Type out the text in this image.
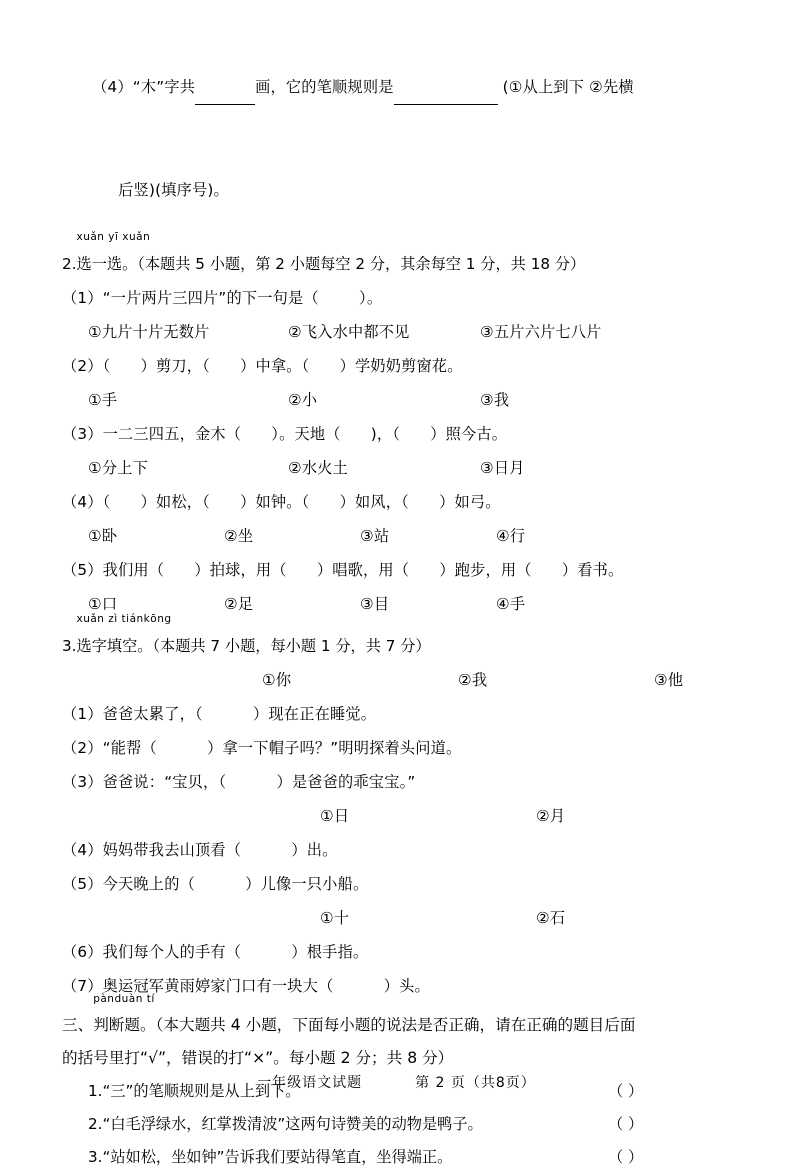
（4）“木”字共	画，它的笔顺规则是	(①从上到下 ②先横

后竖)(填序号)。

2.
xuǎn yī xuǎn
选一选。（本题共 5 小题，第 2 小题每空 2 分，其余每空 1 分，共 18 分）
（1）“一片两片三四片”的下一句是（        ）。
①九片十片无数片	②飞入水中都不见	③五片六片七八片
（2）（      ）剪刀，（      ）中拿。（      ）学奶奶剪窗花。
①手	②小	③我
（3）一二三四五，金木（      ）。天地（      )，（      ）照今古。
①分上下	②水火土	③日月
（4）（      ）如松，（      ）如钟。（      ）如风，（      ）如弓。
①卧	②坐	③站	④行
（5）我们用（      ）拍球，用（      ）唱歌，用（      ）跑步，用（      ）看书。
①口	②足	③目	④手
3.
xuǎn zì tiánkōng
选字填空。（本题共 7 小题，每小题 1 分，共 7 分）
①你	②我	③他
（1）爸爸太累了，（          ）现在正在睡觉。
（2）“能帮（          ）拿一下帽子吗？”明明探着头问道。
（3）爸爸说：“宝贝，（          ）是爸爸的乖宝宝。”
①日	②月
（4）妈妈带我去山顶看（          ）出。
（5）今天晚上的（          ）儿像一只小船。
①十	②石
（6）我们每个人的手有（          ）根手指。
（7）奥运冠军黄雨婷家门口有一块大（          ）头。
三、
pànduàn tí
判断题。（本大题共 4 小题，下面每小题的说法是否正确，请在正确的题目后面
的括号里打“√”，错误的打“×”。每小题 2 分；共 8 分）
1.“三”的笔顺规则是从上到下。	（ ）
2.“白毛浮绿水，红掌拨清波”这两句诗赞美的动物是鸭子。	（ ）
3.“站如松，坐如钟”告诉我们要站得笔直，坐得端正。	（ ）
一年级语文试题	第 2 页（共8页）
